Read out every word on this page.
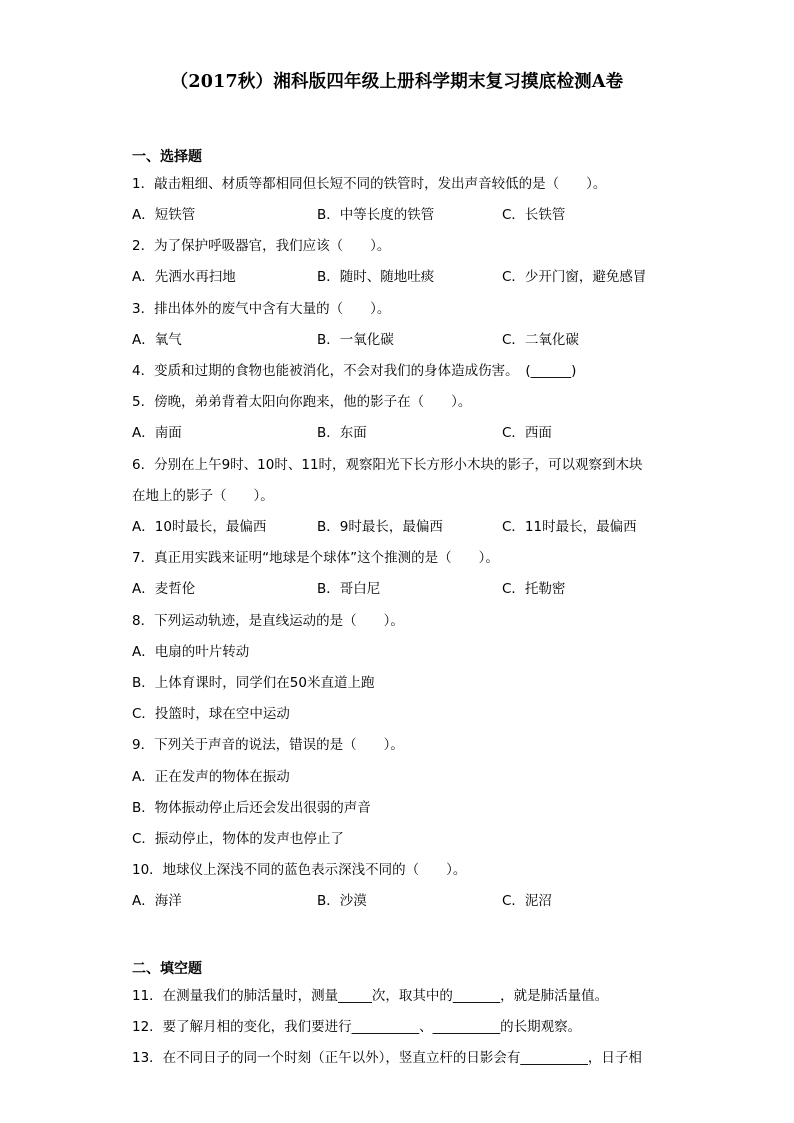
（2017秋）湘科版四年级上册科学期末复习摸底检测A卷
一、选择题
1．敲击粗细、材质等都相同但长短不同的铁管时，发出声音较低的是（　　）。
A．短铁管	B．中等长度的铁管	C．长铁管
2．为了保护呼吸器官，我们应该（　　）。
A．先洒水再扫地	B．随时、随地吐痰	C．少开门窗，避免感冒
3．排出体外的废气中含有大量的（　　）。
A．氧气	B．一氧化碳	C．二氧化碳
4．变质和过期的食物也能被消化，不会对我们的身体造成伤害。　(______)
5．傍晚，弟弟背着太阳向你跑来，他的影子在（　　）。
A．南面	B．东面	C．西面
6．分别在上午9时、10时、11时，观察阳光下长方形小木块的影子，可以观察到木块
在地上的影子（　　）。
A．10时最长，最偏西	B．9时最长，最偏西	C．11时最长，最偏西
7．真正用实践来证明“地球是个球体”这个推测的是（　　）。
A．麦哲伦	B．哥白尼	C．托勒密
8．下列运动轨迹，是直线运动的是（　　）。
A．电扇的叶片转动
B．上体育课时，同学们在50米直道上跑
C．投篮时，球在空中运动
9．下列关于声音的说法，错误的是（　　）。
A．正在发声的物体在振动
B．物体振动停止后还会发出很弱的声音
C．振动停止，物体的发声也停止了
10．地球仪上深浅不同的蓝色表示深浅不同的（　　）。
A．海洋	B．沙漠	C．泥沼
二、填空题
11．在测量我们的肺活量时，测量_____次，取其中的_______，就是肺活量值。
12．要了解月相的变化，我们要进行__________、__________的长期观察。
13．在不同日子的同一个时刻（正午以外），竖直立杆的日影会有__________，日子相
